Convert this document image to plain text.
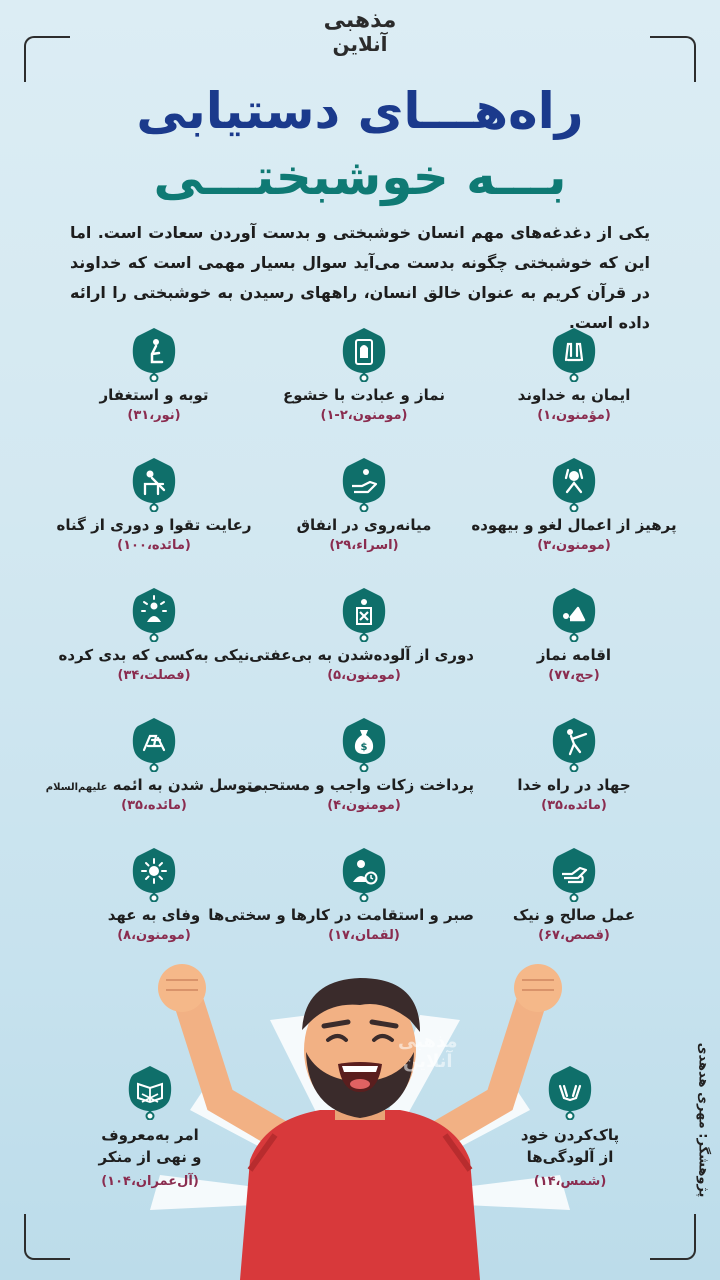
مذهبی
آنلاین
راه‌هـــای دستیابی
بـــه خوشبختـــی
یکی از دغدغه‌های مهم انسان خوشبختی و بدست آوردن سعادت است. اما این که خوشبختی چگونه بدست می‌آید سوال بسیار مهمی است که خداوند در قرآن کریم به عنوان خالق انسان، راههای رسیدن به خوشبختی را ارائه داده است.
ایمان به خداوند
(مؤمنون،۱)
نماز و عبادت با خشوع
(مومنون،۲-۱)
توبه و استغفار
(نور،۳۱)
پرهیز از اعمال لغو و بیهوده
(مومنون،۳)
میانه‌روی در انفاق
(اسراء،۲۹)
رعایت تقوا و دوری از گناه
(مائده،۱۰۰)
اقامه نماز
(حج،۷۷)
دوری از آلوده‌شدن به بی‌عفتی
(مومنون،۵)
نیکی به‌کسی که بدی کرده
(فصلت،۳۴)
جهاد در راه خدا
(مائده،۳۵)
$
پرداخت زکات واجب و مستحبی
(مومنون،۴)
متوسل شدن به ائمه علیهم‌السلام
(مائده،۳۵)
عمل صالح و نیک
(قصص،۶۷)
صبر و استقامت در کارها و سختی‌ها
(لقمان،۱۷)
وفای به عهد
(مومنون،۸)
مذهبی
آنلاین
پاک‌کردن خود
از آلودگی‌ها
(شمس،۱۴)
امر به‌معروف
و نهی از منکر
(آل‌عمران،۱۰۴)	پژوهشگر: مهری هدهدی
